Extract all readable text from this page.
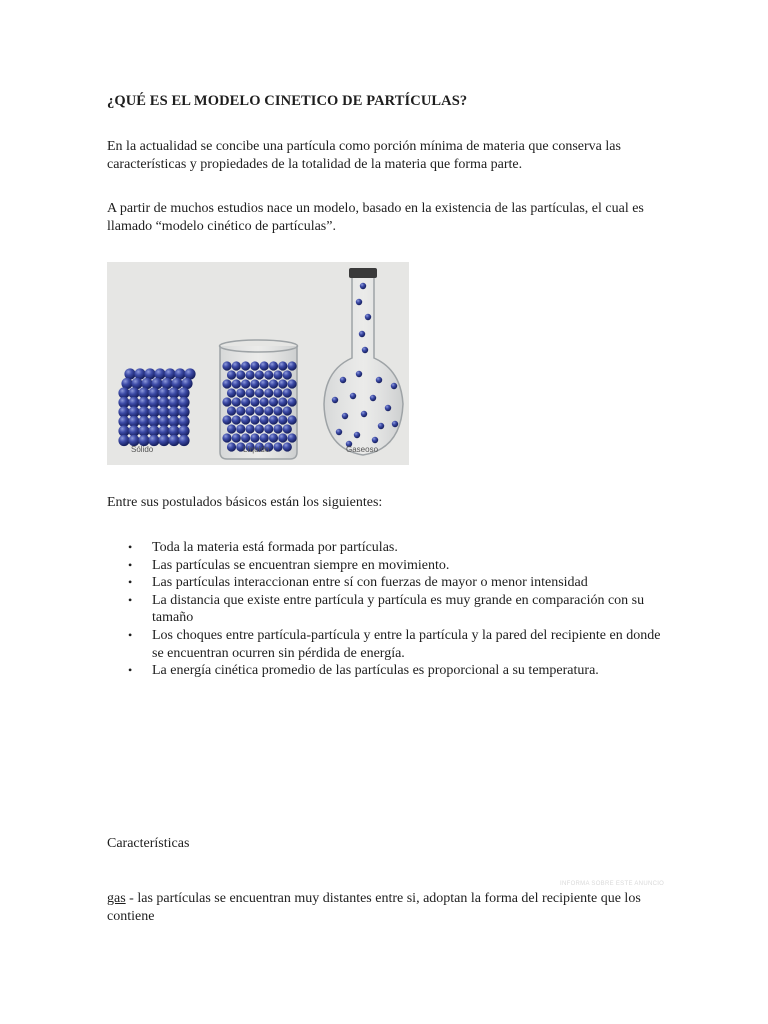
¿QUÉ ES EL MODELO CINETICO DE PARTÍCULAS?

En la actualidad se concibe una partícula como porción mínima de materia que conserva las características y propiedades de la totalidad de la materia que forma parte.

A partir de muchos estudios nace un modelo, basado en la existencia de las partículas, el cual es llamado “modelo cinético de partículas”.

Sólido	Líquido	Gaseoso

Entre sus postulados básicos están los siguientes:

• Toda la materia está formada por partículas.
• Las partículas se encuentran siempre en movimiento.
• Las partículas interaccionan entre sí con fuerzas de mayor o menor intensidad
• La distancia que existe entre partícula y partícula es muy grande en comparación con su tamaño
• Los choques entre partícula-partícula y entre la partícula y la pared del recipiente en donde se encuentran ocurren sin pérdida de energía.
• La energía cinética promedio de las partículas es proporcional a su temperatura.

Características

INFORMA SOBRE ESTE ANUNCIO

gas - las partículas se encuentran muy distantes entre si, adoptan la forma del recipiente que los contiene
